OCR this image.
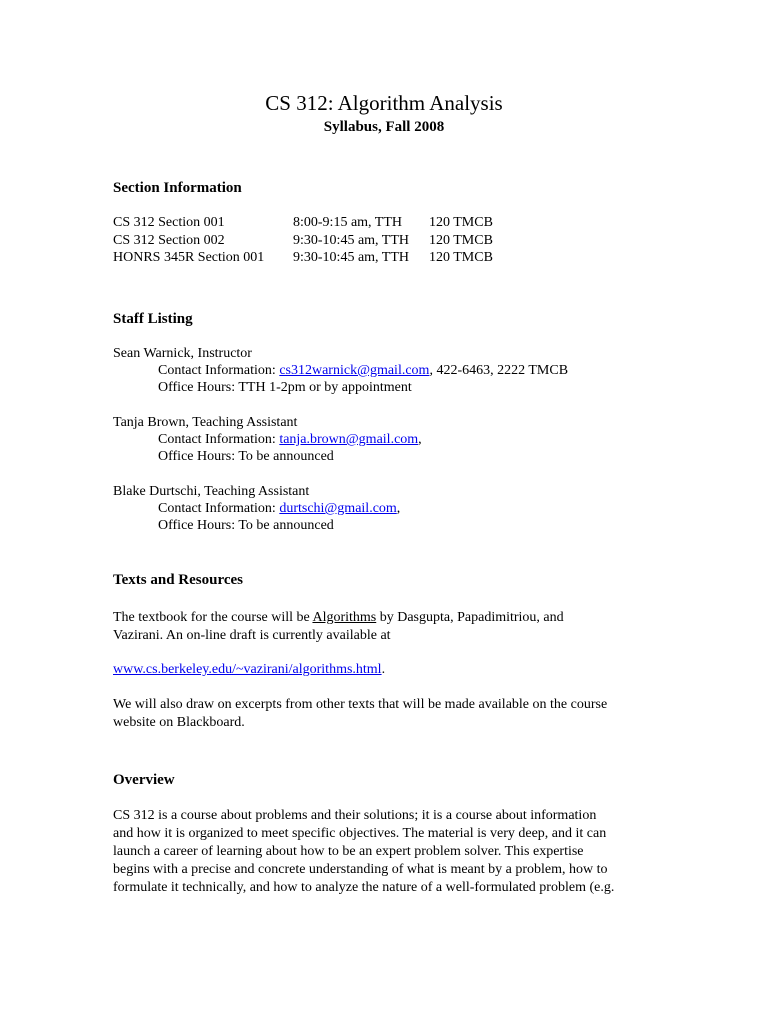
CS 312: Algorithm Analysis
Syllabus, Fall 2008
Section Information
CS 312 Section 001	8:00-9:15 am, TTH 120 TMCB
CS 312 Section 002	9:30-10:45 am, TTH 120 TMCB
HONRS 345R Section 001 9:30-10:45 am, TTH 120 TMCB
Staff Listing
Sean Warnick, Instructor
Contact Information: cs312warnick@gmail.com, 422-6463, 2222 TMCB
Office Hours: TTH 1-2pm or by appointment
Tanja Brown, Teaching Assistant
Contact Information: tanja.brown@gmail.com,
Office Hours: To be announced
Blake Durtschi, Teaching Assistant
Contact Information: durtschi@gmail.com,
Office Hours: To be announced
Texts and Resources
The textbook for the course will be Algorithms by Dasgupta, Papadimitriou, and
Vazirani. An on-line draft is currently available at
www.cs.berkeley.edu/~vazirani/algorithms.html.
We will also draw on excerpts from other texts that will be made available on the course
website on Blackboard.
Overview
CS 312 is a course about problems and their solutions; it is a course about information
and how it is organized to meet specific objectives. The material is very deep, and it can
launch a career of learning about how to be an expert problem solver. This expertise
begins with a precise and concrete understanding of what is meant by a problem, how to
formulate it technically, and how to analyze the nature of a well-formulated problem (e.g.
